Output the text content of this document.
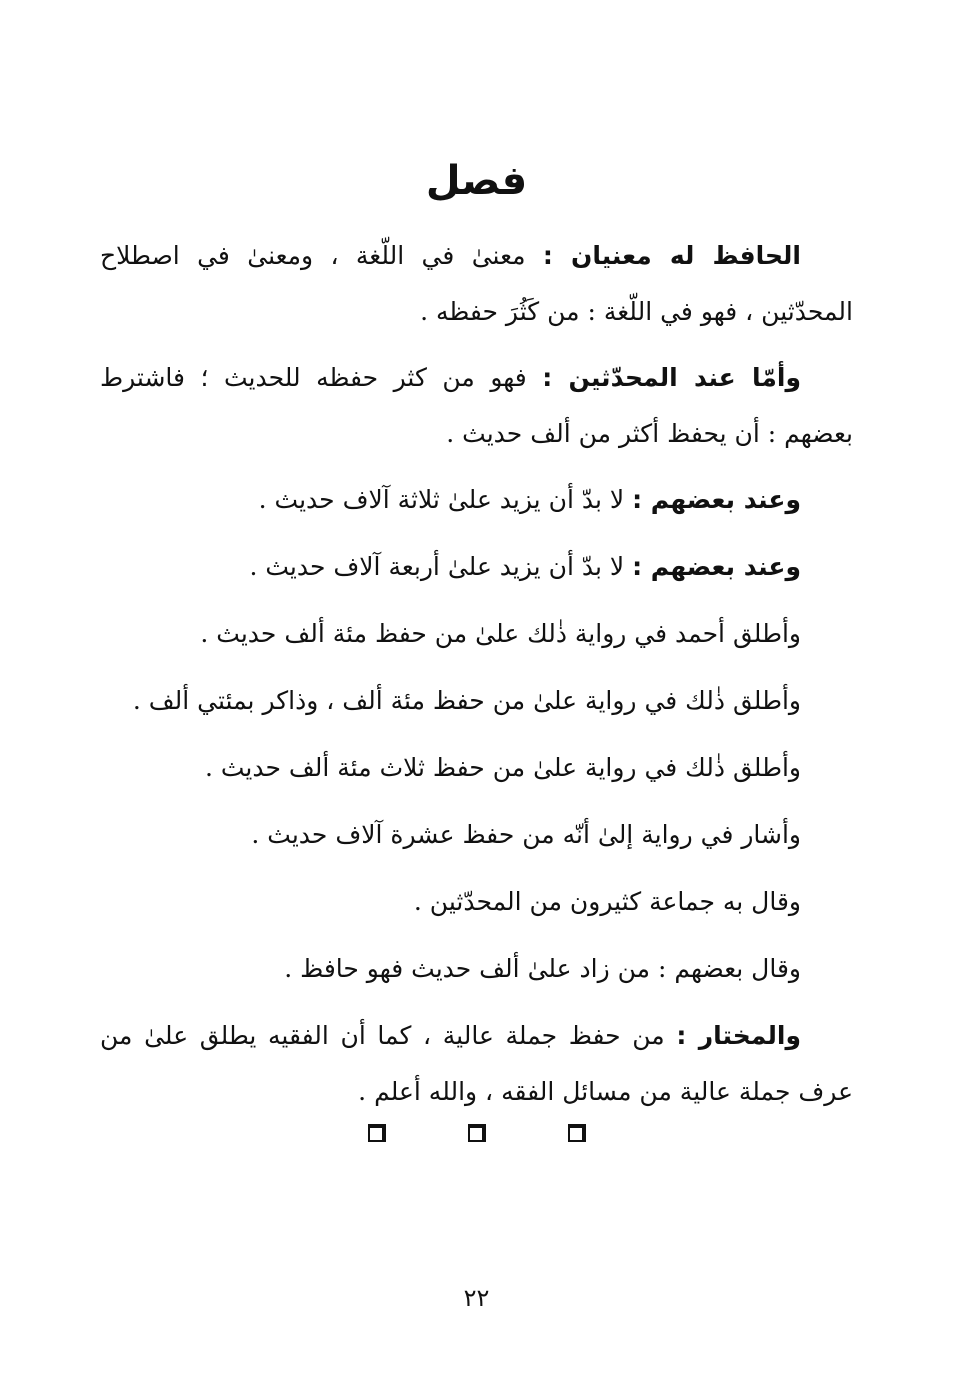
فصل

الحافظ له معنيان : معنىٰ في اللّغة ، ومعنىٰ في اصطلاح المحدّثين ، فهو في اللّغة : من كَثُرَ حفظه .

وأمّا عند المحدّثين : فهو من كثر حفظه للحديث ؛ فاشترط بعضهم : أن يحفظ أكثر من ألف حديث .

وعند بعضهم : لا بدّ أن يزيد علىٰ ثلاثة آلاف حديث .

وعند بعضهم : لا بدّ أن يزيد علىٰ أربعة آلاف حديث .

وأطلق أحمد في رواية ذٰلك علىٰ من حفظ مئة ألف حديث .

وأطلق ذٰلك في رواية علىٰ من حفظ مئة ألف ، وذاكر بمئتي ألف .

وأطلق ذٰلك في رواية علىٰ من حفظ ثلاث مئة ألف حديث .

وأشار في رواية إلىٰ أنّه من حفظ عشرة آلاف حديث .

وقال به جماعة كثيرون من المحدّثين .

وقال بعضهم : من زاد علىٰ ألف حديث فهو حافظ .

والمختار : من حفظ جملة عالية ، كما أن الفقيه يطلق علىٰ من عرف جملة عالية من مسائل الفقه ، والله أعلم .

٢٢
